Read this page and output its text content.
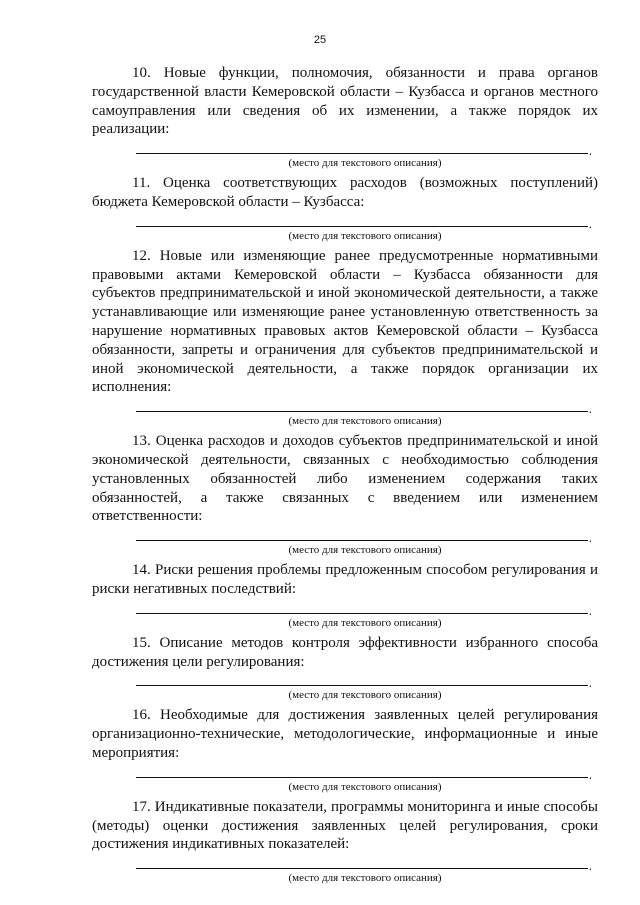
25

10. Новые функции, полномочия, обязанности и права органов государственной власти Кемеровской области – Кузбасса и органов местного самоуправления или сведения об их изменении, а также порядок их реализации:

.
(место для текстового описания)

11. Оценка соответствующих расходов (возможных поступлений) бюджета Кемеровской области – Кузбасса:

.
(место для текстового описания)

12. Новые или изменяющие ранее предусмотренные нормативными правовыми актами Кемеровской области – Кузбасса обязанности для субъектов предпринимательской и иной экономической деятельности, а также устанавливающие или изменяющие ранее установленную ответственность за нарушение нормативных правовых актов Кемеровской области – Кузбасса обязанности, запреты и ограничения для субъектов предпринимательской и иной экономической деятельности, а также порядок организации их исполнения:

.
(место для текстового описания)

13. Оценка расходов и доходов субъектов предпринимательской и иной экономической деятельности, связанных с необходимостью соблюдения установленных обязанностей либо изменением содержания таких обязанностей, а также связанных с введением или изменением ответственности:

.
(место для текстового описания)

14. Риски решения проблемы предложенным способом регулирования и риски негативных последствий:

.
(место для текстового описания)

15. Описание методов контроля эффективности избранного способа достижения цели регулирования:

.
(место для текстового описания)

16. Необходимые для достижения заявленных целей регулирования организационно-технические, методологические, информационные и иные мероприятия:

.
(место для текстового описания)

17. Индикативные показатели, программы мониторинга и иные способы (методы) оценки достижения заявленных целей регулирования, сроки достижения индикативных показателей:

.
(место для текстового описания)
